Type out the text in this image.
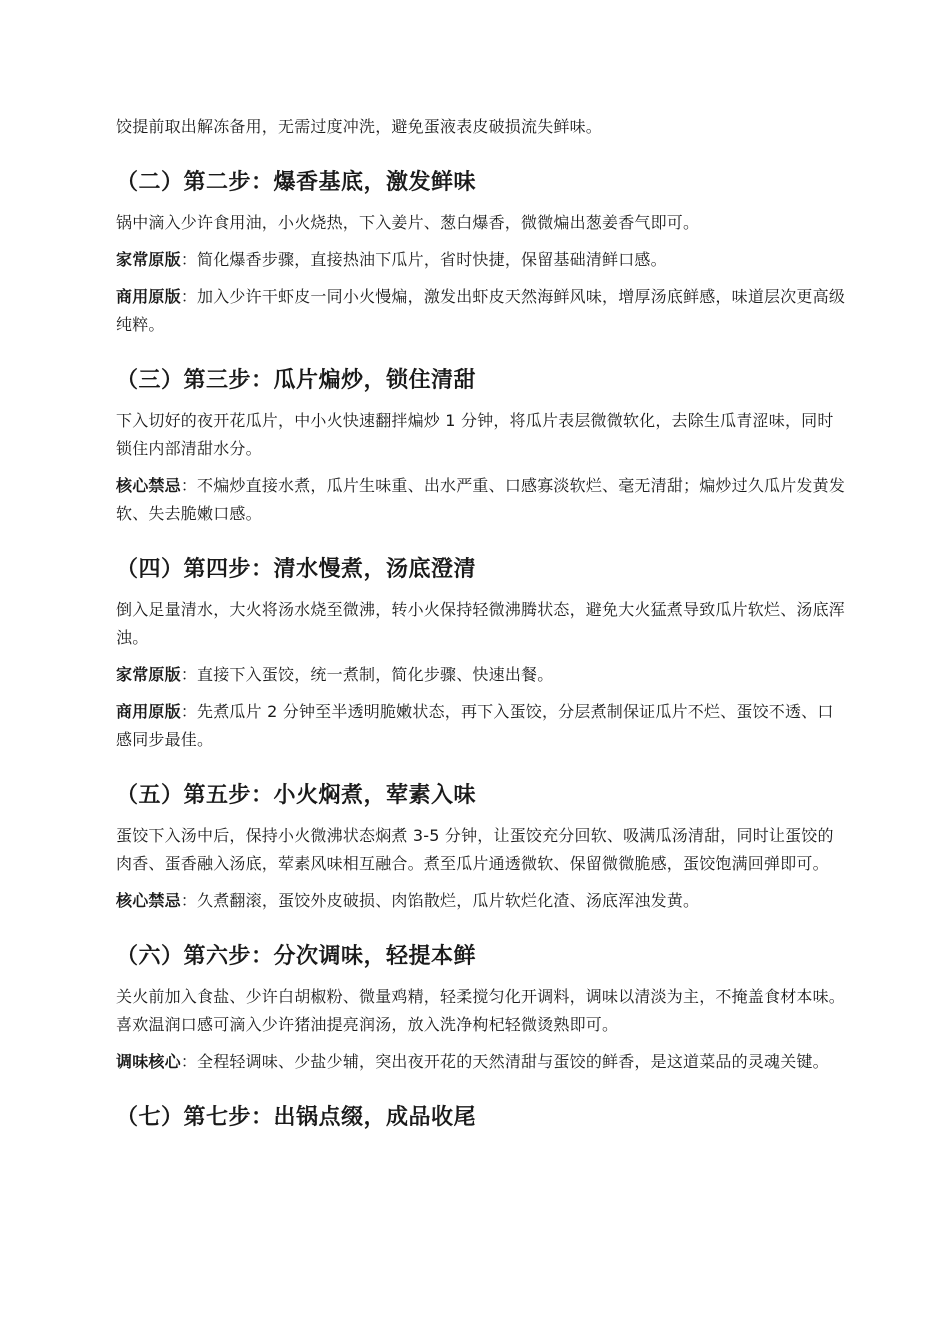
饺提前取出解冻备用，无需过度冲洗，避免蛋液表皮破损流失鲜味。

（二）第二步：爆香基底，激发鲜味

锅中滴入少许食用油，小火烧热，下入姜片、葱白爆香，微微煸出葱姜香气即可。

家常原版：简化爆香步骤，直接热油下瓜片，省时快捷，保留基础清鲜口感。

商用原版：加入少许干虾皮一同小火慢煸，激发出虾皮天然海鲜风味，增厚汤底鲜感，味道层次更高级纯粹。

（三）第三步：瓜片煸炒，锁住清甜

下入切好的夜开花瓜片，中小火快速翻拌煸炒 1 分钟，将瓜片表层微微软化，去除生瓜青涩味，同时锁住内部清甜水分。

核心禁忌：不煸炒直接水煮，瓜片生味重、出水严重、口感寡淡软烂、毫无清甜；煸炒过久瓜片发黄发软、失去脆嫩口感。

（四）第四步：清水慢煮，汤底澄清

倒入足量清水，大火将汤水烧至微沸，转小火保持轻微沸腾状态，避免大火猛煮导致瓜片软烂、汤底浑浊。

家常原版：直接下入蛋饺，统一煮制，简化步骤、快速出餐。

商用原版：先煮瓜片 2 分钟至半透明脆嫩状态，再下入蛋饺，分层煮制保证瓜片不烂、蛋饺不透、口感同步最佳。

（五）第五步：小火焖煮，荤素入味

蛋饺下入汤中后，保持小火微沸状态焖煮 3-5 分钟，让蛋饺充分回软、吸满瓜汤清甜，同时让蛋饺的肉香、蛋香融入汤底，荤素风味相互融合。煮至瓜片通透微软、保留微微脆感，蛋饺饱满回弹即可。

核心禁忌：久煮翻滚，蛋饺外皮破损、肉馅散烂，瓜片软烂化渣、汤底浑浊发黄。

（六）第六步：分次调味，轻提本鲜

关火前加入食盐、少许白胡椒粉、微量鸡精，轻柔搅匀化开调料，调味以清淡为主，不掩盖食材本味。喜欢温润口感可滴入少许猪油提亮润汤，放入洗净枸杞轻微烫熟即可。

调味核心：全程轻调味、少盐少辅，突出夜开花的天然清甜与蛋饺的鲜香，是这道菜品的灵魂关键。

（七）第七步：出锅点缀，成品收尾
